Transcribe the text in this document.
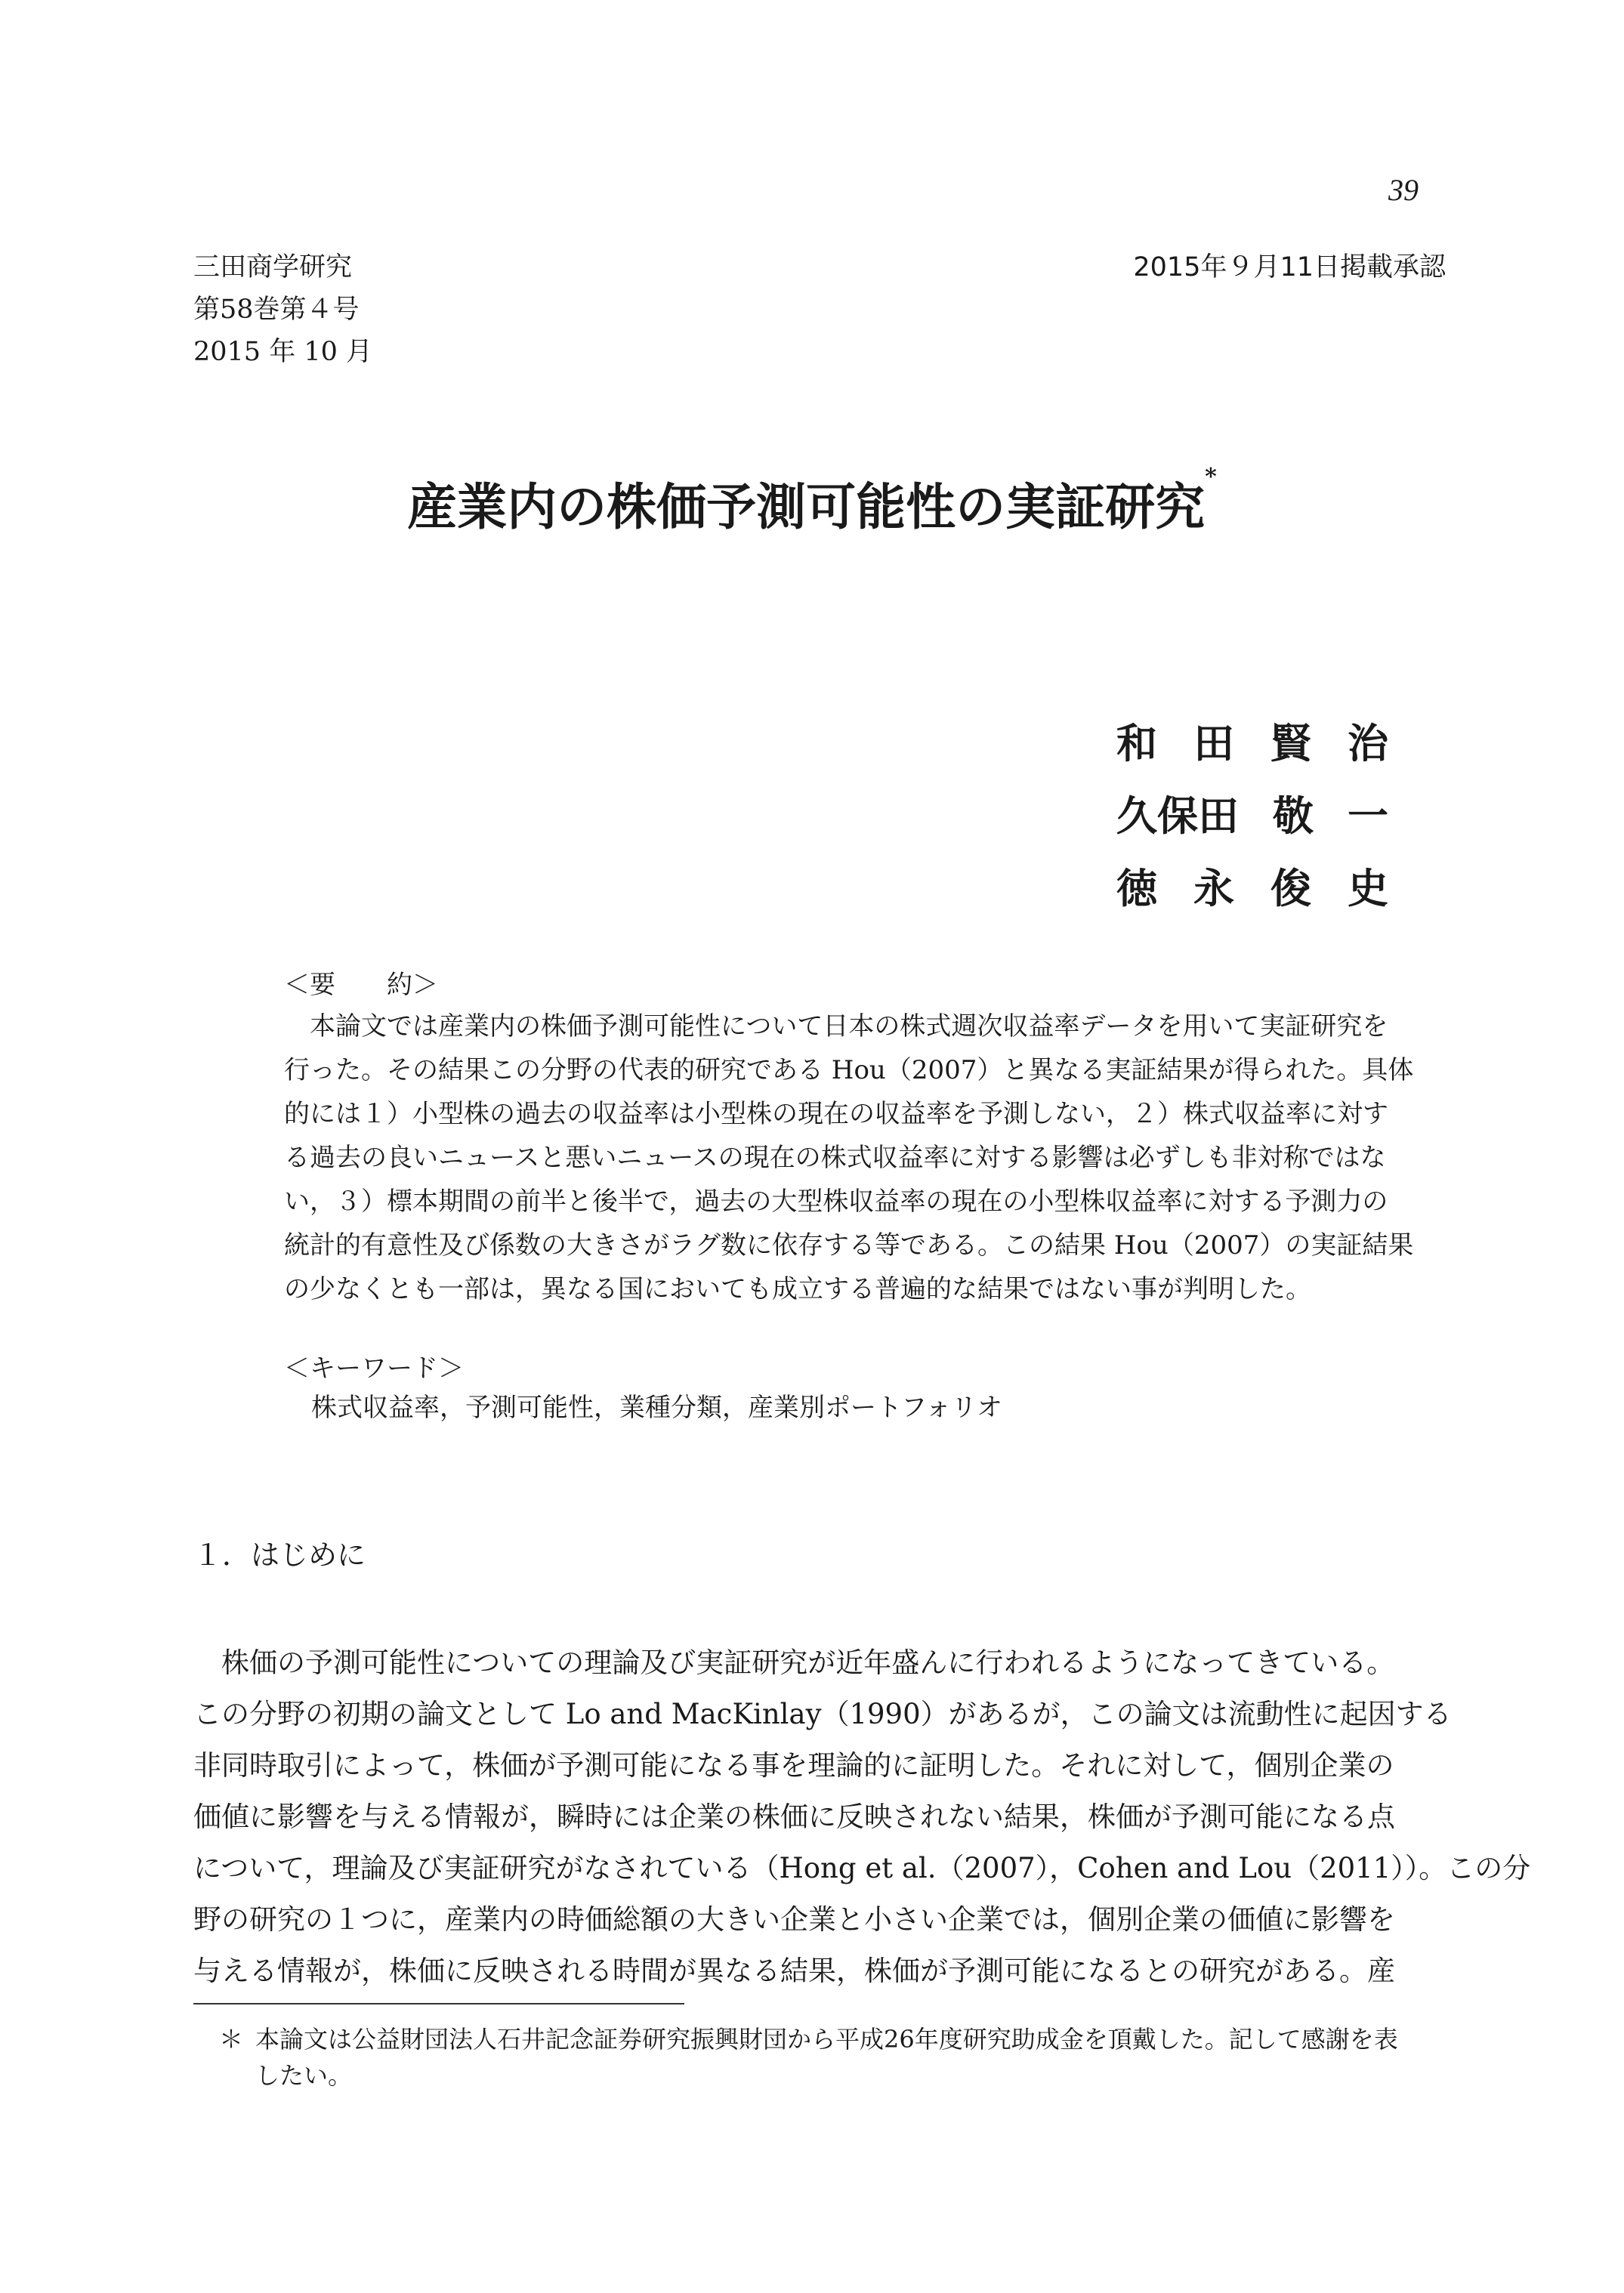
39
三田商学研究
第58巻第４号
2015 年 10 月
2015年９月11日掲載承認
産業内の株価予測可能性の実証研究*
和 田 賢 治
久保田 敬 一
徳 永 俊 史
＜要　　約＞
本論文では産業内の株価予測可能性について日本の株式週次収益率データを用いて実証研究を
行った。その結果この分野の代表的研究である Hou（2007）と異なる実証結果が得られた。具体
的には１）小型株の過去の収益率は小型株の現在の収益率を予測しない，２）株式収益率に対す
る過去の良いニュースと悪いニュースの現在の株式収益率に対する影響は必ずしも非対称ではな
い，３）標本期間の前半と後半で，過去の大型株収益率の現在の小型株収益率に対する予測力の
統計的有意性及び係数の大きさがラグ数に依存する等である。この結果 Hou（2007）の実証結果
の少なくとも一部は，異なる国においても成立する普遍的な結果ではない事が判明した。
＜キーワード＞
株式収益率，予測可能性，業種分類，産業別ポートフォリオ
１．はじめに
株価の予測可能性についての理論及び実証研究が近年盛んに行われるようになってきている。
この分野の初期の論文として Lo and MacKinlay（1990）があるが，この論文は流動性に起因する
非同時取引によって，株価が予測可能になる事を理論的に証明した。それに対して，個別企業の
価値に影響を与える情報が，瞬時には企業の株価に反映されない結果，株価が予測可能になる点
について，理論及び実証研究がなされている（Hong et al.（2007），Cohen and Lou（2011））。この分
野の研究の１つに，産業内の時価総額の大きい企業と小さい企業では，個別企業の価値に影響を
与える情報が，株価に反映される時間が異なる結果，株価が予測可能になるとの研究がある。産
＊ 本論文は公益財団法人石井記念証券研究振興財団から平成26年度研究助成金を頂戴した。記して感謝を表
したい。
